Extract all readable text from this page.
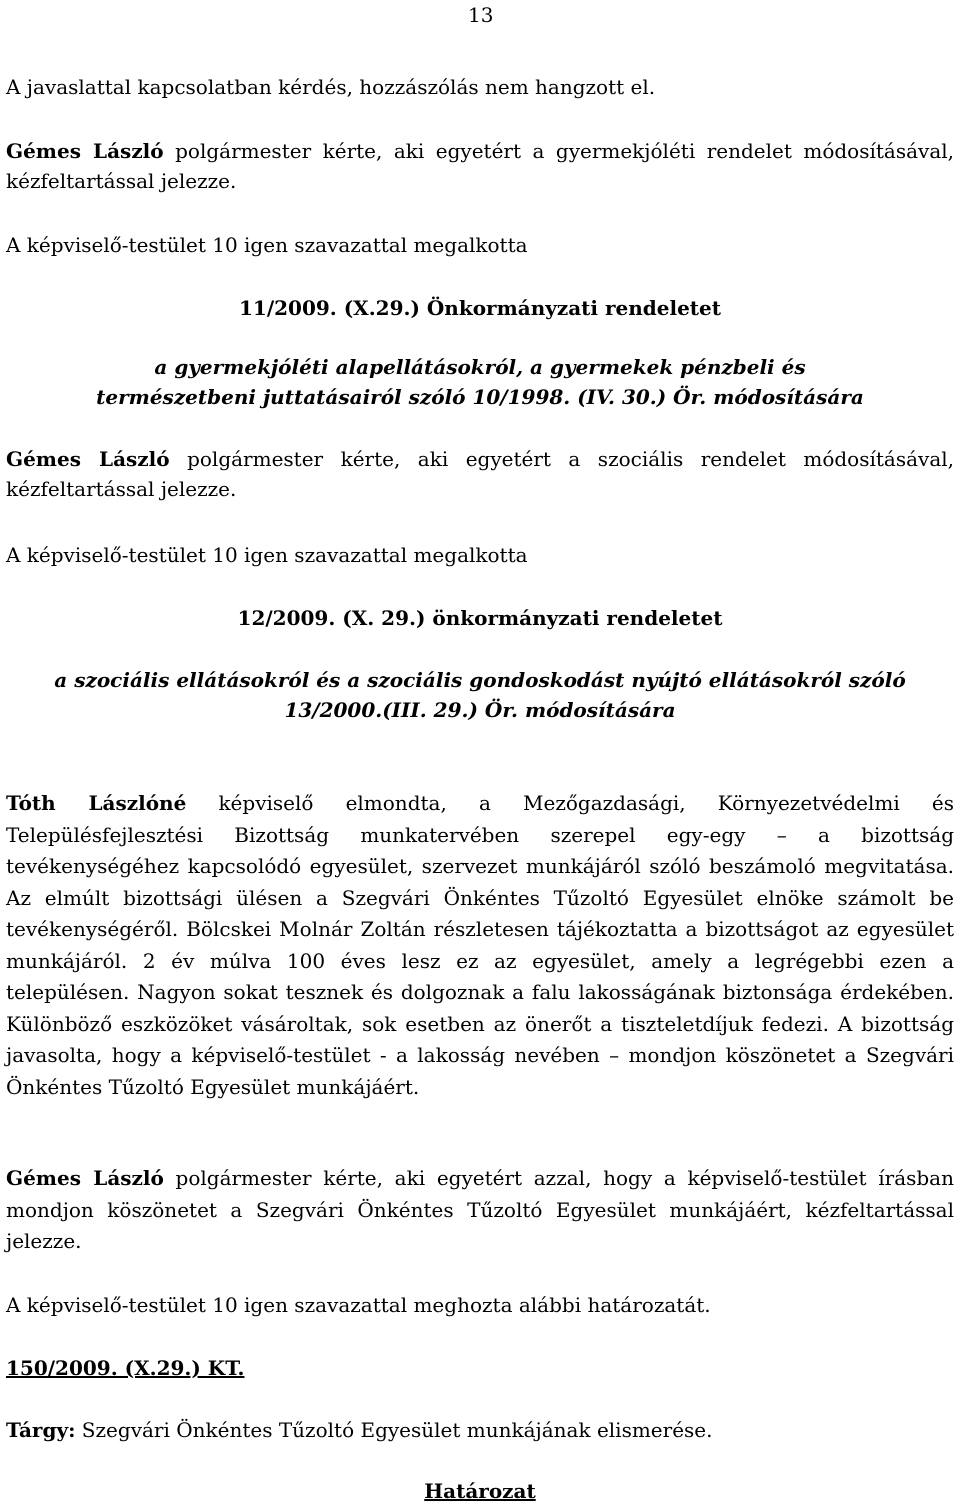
13
A javaslattal kapcsolatban kérdés, hozzászólás nem hangzott el.
Gémes László polgármester kérte, aki egyetért a gyermekjóléti rendelet módosításával, kézfeltartással jelezze.
A képviselő-testület 10 igen szavazattal megalkotta
11/2009. (X.29.) Önkormányzati rendeletet
a gyermekjóléti alapellátásokról, a gyermekek pénzbeli és természetbeni juttatásairól szóló 10/1998. (IV. 30.) Ör. módosítására
Gémes László polgármester kérte, aki egyetért a szociális rendelet módosításával, kézfeltartással jelezze.
A képviselő-testület 10 igen szavazattal megalkotta
12/2009. (X. 29.) önkormányzati rendeletet
a szociális ellátásokról és a szociális gondoskodást nyújtó ellátásokról szóló 13/2000.(III. 29.) Ör. módosítására
Tóth Lászlóné képviselő elmondta, a Mezőgazdasági, Környezetvédelmi és Településfejlesztési Bizottság munkatervében szerepel egy-egy – a bizottság tevékenységéhez kapcsolódó egyesület, szervezet munkájáról szóló beszámoló megvitatása. Az elmúlt bizottsági ülésen a Szegvári Önkéntes Tűzoltó Egyesület elnöke számolt be tevékenységéről. Bölcskei Molnár Zoltán részletesen tájékoztatta a bizottságot az egyesület munkájáról. 2 év múlva 100 éves lesz ez az egyesület, amely a legrégebbi ezen a településen. Nagyon sokat tesznek és dolgoznak a falu lakosságának biztonsága érdekében. Különböző eszközöket vásároltak, sok esetben az önerőt a tiszteletdíjuk fedezi. A bizottság javasolta, hogy a képviselő-testület - a lakosság nevében – mondjon köszönetet a Szegvári Önkéntes Tűzoltó Egyesület munkájáért.
Gémes László polgármester kérte, aki egyetért azzal, hogy a képviselő-testület írásban mondjon köszönetet a Szegvári Önkéntes Tűzoltó Egyesület munkájáért, kézfeltartással jelezze.
A képviselő-testület 10 igen szavazattal meghozta alábbi határozatát.
150/2009. (X.29.) KT.
Tárgy: Szegvári Önkéntes Tűzoltó Egyesület munkájának elismerése.
Határozat
